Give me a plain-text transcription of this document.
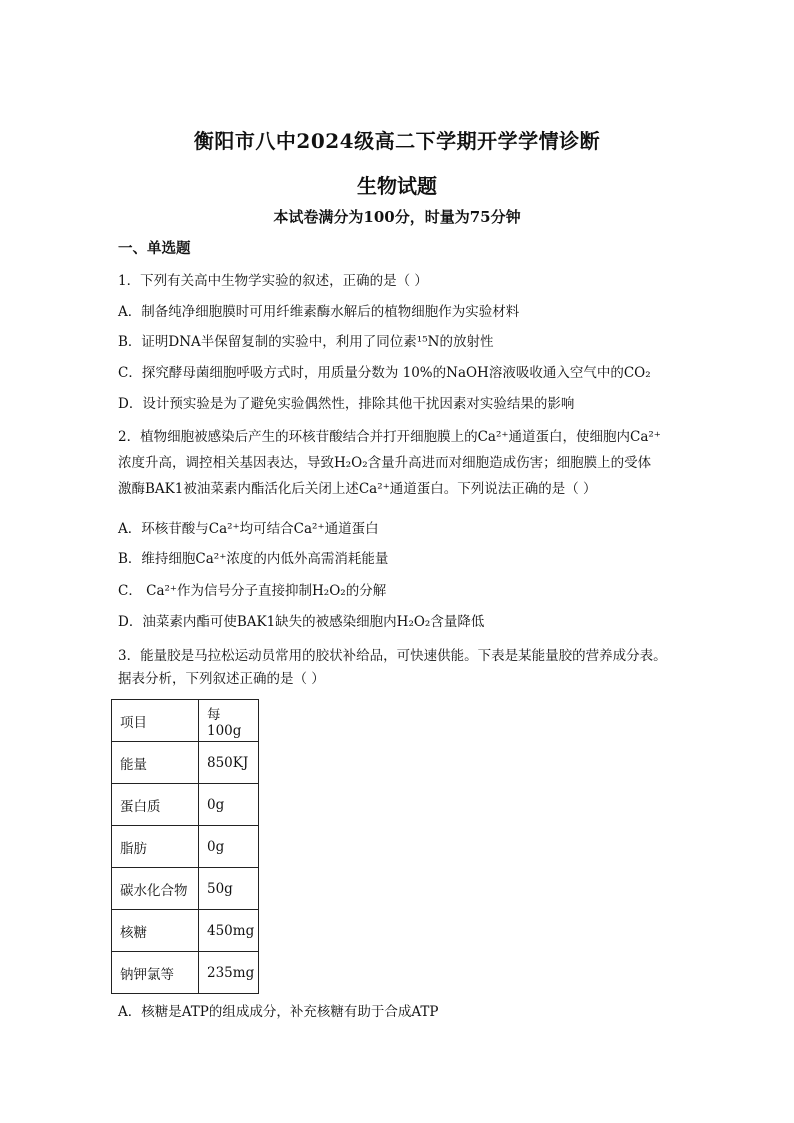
衡阳市八中2024级高二下学期开学学情诊断
生物试题
本试卷满分为100分，时量为75分钟
一、单选题
1．下列有关高中生物学实验的叙述，正确的是（ ）
A．制备纯净细胞膜时可用纤维素酶水解后的植物细胞作为实验材料
B．证明DNA半保留复制的实验中，利用了同位素¹⁵N的放射性
C．探究酵母菌细胞呼吸方式时，用质量分数为 10%的NaOH溶液吸收通入空气中的CO₂
D．设计预实验是为了避免实验偶然性，排除其他干扰因素对实验结果的影响
2．植物细胞被感染后产生的环核苷酸结合并打开细胞膜上的Ca²⁺通道蛋白，使细胞内Ca²⁺
浓度升高，调控相关基因表达，导致H₂O₂含量升高进而对细胞造成伤害；细胞膜上的受体
激酶BAK1被油菜素内酯活化后关闭上述Ca²⁺通道蛋白。下列说法正确的是（ ）
A．环核苷酸与Ca²⁺均可结合Ca²⁺通道蛋白
B．维持细胞Ca²⁺浓度的内低外高需消耗能量
C． Ca²⁺作为信号分子直接抑制H₂O₂的分解
D．油菜素内酯可使BAK1缺失的被感染细胞内H₂O₂含量降低
3．能量胶是马拉松运动员常用的胶状补给品，可快速供能。下表是某能量胶的营养成分表。
据表分析，下列叙述正确的是（ ）
项目	每 100g
能量	850KJ
蛋白质	0g
脂肪	0g
碳水化合物	50g
核糖	450mg
钠钾氯等	235mg
A．核糖是ATP的组成成分，补充核糖有助于合成ATP
